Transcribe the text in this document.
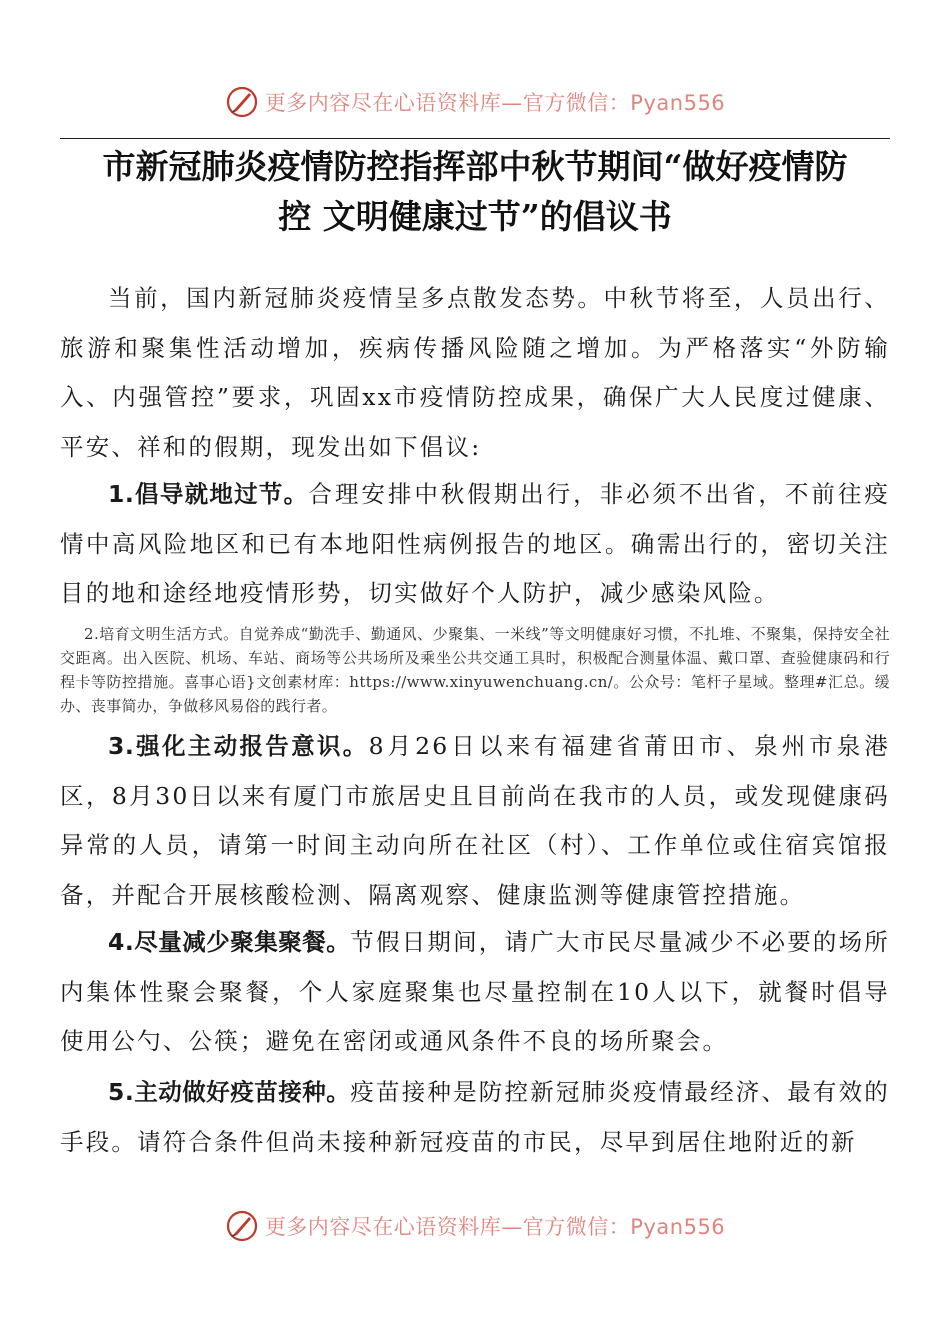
更多内容尽在心语资料库—官方微信：Pyan556
市新冠肺炎疫情防控指挥部中秋节期间“做好疫情防
控 文明健康过节”的倡议书
当前，国内新冠肺炎疫情呈多点散发态势。中秋节将至，人员出行、旅游和聚集性活动增加，疾病传播风险随之增加。为严格落实“外防输入、内强管控”要求，巩固xx市疫情防控成果，确保广大人民度过健康、平安、祥和的假期，现发出如下倡议:
1.倡导就地过节。合理安排中秋假期出行，非必须不出省，不前往疫情中高风险地区和已有本地阳性病例报告的地区。确需出行的，密切关注目的地和途经地疫情形势，切实做好个人防护，减少感染风险。
2.培育文明生活方式。自觉养成“勤洗手、勤通风、少聚集、一米线”等文明健康好习惯，不扎堆、不聚集，保持安全社交距离。出入医院、机场、车站、商场等公共场所及乘坐公共交通工具时，积极配合测量体温、戴口罩、查验健康码和行程卡等防控措施。喜事心语}文创素材库：https://www.xinyuwenchuang.cn/。公众号：笔杆子星域。整理#汇总。缓办、丧事简办，争做移风易俗的践行者。
3.强化主动报告意识。8月26日以来有福建省莆田市、泉州市泉港区，8月30日以来有厦门市旅居史且目前尚在我市的人员，或发现健康码异常的人员，请第一时间主动向所在社区（村）、工作单位或住宿宾馆报备，并配合开展核酸检测、隔离观察、健康监测等健康管控措施。
4.尽量减少聚集聚餐。节假日期间，请广大市民尽量减少不必要的场所内集体性聚会聚餐，个人家庭聚集也尽量控制在10人以下，就餐时倡导使用公勺、公筷；避免在密闭或通风条件不良的场所聚会。
5.主动做好疫苗接种。疫苗接种是防控新冠肺炎疫情最经济、最有效的手段。请符合条件但尚未接种新冠疫苗的市民，尽早到居住地附近的新
更多内容尽在心语资料库—官方微信：Pyan556
